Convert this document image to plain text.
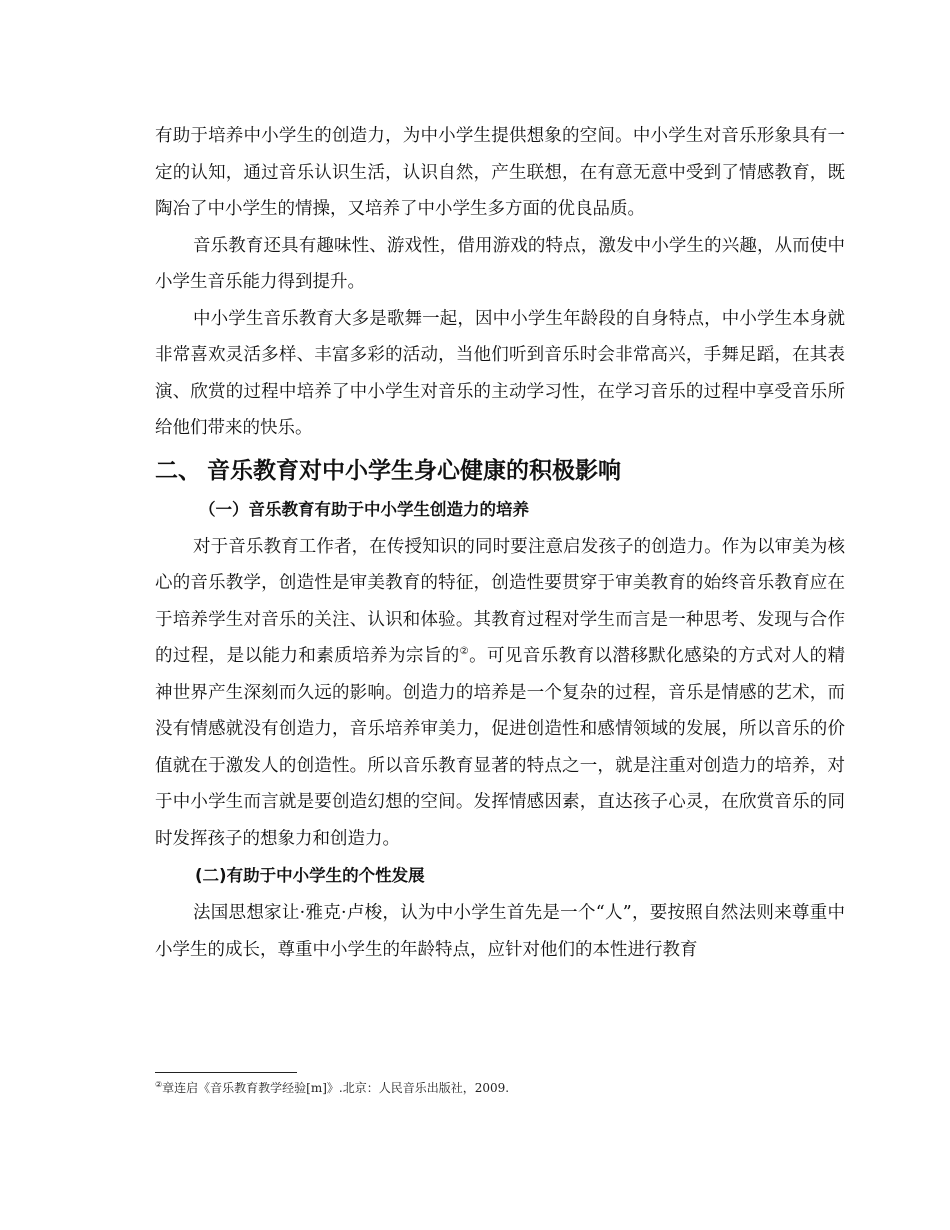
有助于培养中小学生的创造力，为中小学生提供想象的空间。中小学生对音乐形象具有一定的认知，通过音乐认识生活，认识自然，产生联想，在有意无意中受到了情感教育，既陶冶了中小学生的情操，又培养了中小学生多方面的优良品质。

音乐教育还具有趣味性、游戏性，借用游戏的特点，激发中小学生的兴趣，从而使中小学生音乐能力得到提升。

中小学生音乐教育大多是歌舞一起，因中小学生年龄段的自身特点，中小学生本身就非常喜欢灵活多样、丰富多彩的活动，当他们听到音乐时会非常高兴，手舞足蹈，在其表演、欣赏的过程中培养了中小学生对音乐的主动学习性，在学习音乐的过程中享受音乐所给他们带来的快乐。

二、 音乐教育对中小学生身心健康的积极影响
（一）音乐教育有助于中小学生创造力的培养

对于音乐教育工作者，在传授知识的同时要注意启发孩子的创造力。作为以审美为核心的音乐教学，创造性是审美教育的特征，创造性要贯穿于审美教育的始终音乐教育应在于培养学生对音乐的关注、认识和体验。其教育过程对学生而言是一种思考、发现与合作的过程，是以能力和素质培养为宗旨的②。可见音乐教育以潜移默化感染的方式对人的精神世界产生深刻而久远的影响。创造力的培养是一个复杂的过程，音乐是情感的艺术，而没有情感就没有创造力，音乐培养审美力，促进创造性和感情领域的发展，所以音乐的价值就在于激发人的创造性。所以音乐教育显著的特点之一，就是注重对创造力的培养，对于中小学生而言就是要创造幻想的空间。发挥情感因素，直达孩子心灵，在欣赏音乐的同时发挥孩子的想象力和创造力。

(二)有助于中小学生的个性发展

法国思想家让·雅克·卢梭，认为中小学生首先是一个“人”，要按照自然法则来尊重中小学生的成长，尊重中小学生的年龄特点，应针对他们的本性进行教育

②章连启《音乐教育教学经验[m]》.北京：人民音乐出版社，2009.
